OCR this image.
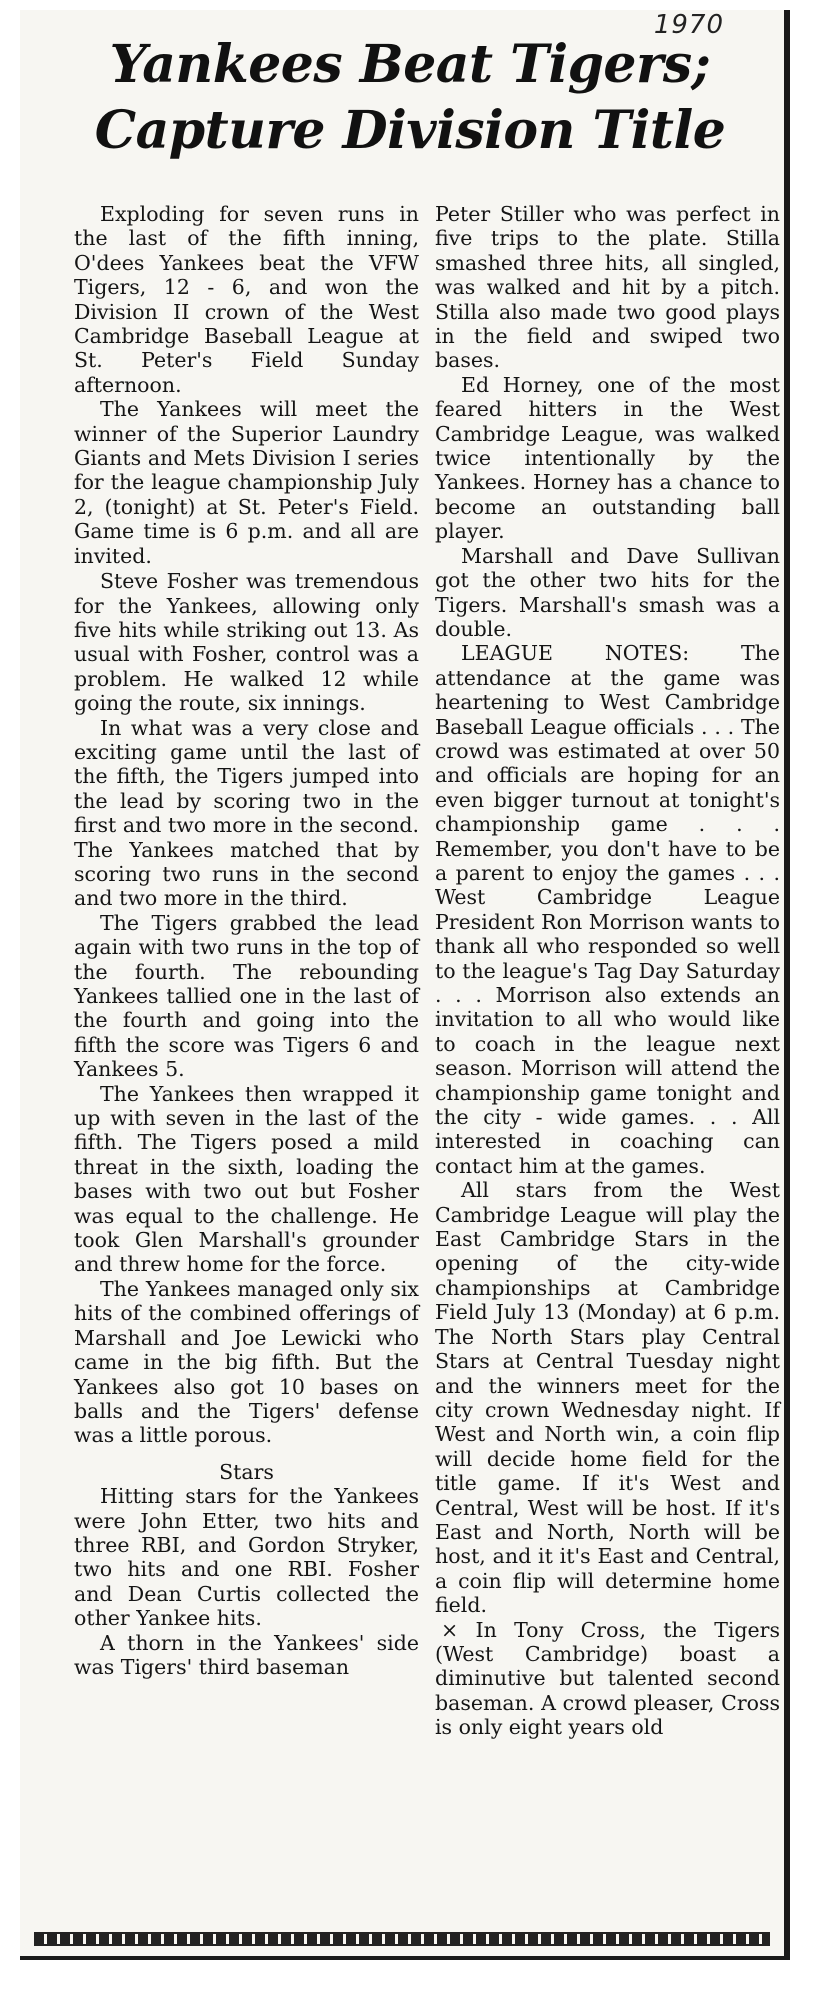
1970
Yankees Beat Tigers;
Capture Division Title

Exploding for seven runs in the last of the fifth inning, O'dees Yankees beat the VFW Tigers, 12 - 6, and won the Division II crown of the West Cambridge Baseball League at St. Peter's Field Sunday afternoon.

The Yankees will meet the winner of the Superior Laundry Giants and Mets Division I series for the league championship July 2, (tonight) at St. Peter's Field. Game time is 6 p.m. and all are invited.

Steve Fosher was tremendous for the Yankees, allowing only five hits while striking out 13. As usual with Fosher, control was a problem. He walked 12 while going the route, six innings.

In what was a very close and exciting game until the last of the fifth, the Tigers jumped into the lead by scoring two in the first and two more in the second. The Yankees matched that by scoring two runs in the second and two more in the third.

The Tigers grabbed the lead again with two runs in the top of the fourth. The rebounding Yankees tallied one in the last of the fourth and going into the fifth the score was Tigers 6 and Yankees 5.

The Yankees then wrapped it up with seven in the last of the fifth. The Tigers posed a mild threat in the sixth, loading the bases with two out but Fosher was equal to the challenge. He took Glen Marshall's grounder and threw home for the force.

The Yankees managed only six hits of the combined offerings of Marshall and Joe Lewicki who came in the big fifth. But the Yankees also got 10 bases on balls and the Tigers' defense was a little porous.

Stars

Hitting stars for the Yankees were John Etter, two hits and three RBI, and Gordon Stryker, two hits and one RBI. Fosher and Dean Curtis collected the other Yankee hits.

A thorn in the Yankees' side was Tigers' third baseman

Peter Stiller who was perfect in five trips to the plate. Stilla smashed three hits, all singled, was walked and hit by a pitch. Stilla also made two good plays in the field and swiped two bases.

Ed Horney, one of the most feared hitters in the West Cambridge League, was walked twice intentionally by the Yankees. Horney has a chance to become an outstanding ball player.

Marshall and Dave Sullivan got the other two hits for the Tigers. Marshall's smash was a double.

LEAGUE NOTES: The attendance at the game was heartening to West Cambridge Baseball League officials . . . The crowd was estimated at over 50 and officials are hoping for an even bigger turnout at tonight's championship game . . . Remember, you don't have to be a parent to enjoy the games . . . West Cambridge League President Ron Morrison wants to thank all who responded so well to the league's Tag Day Saturday . . . Morrison also extends an invitation to all who would like to coach in the league next season. Morrison will attend the championship game tonight and the city - wide games. . . All interested in coaching can contact him at the games.

All stars from the West Cambridge League will play the East Cambridge Stars in the opening of the city-wide championships at Cambridge Field July 13 (Monday) at 6 p.m. The North Stars play Central Stars at Central Tuesday night and the winners meet for the city crown Wednesday night. If West and North win, a coin flip will decide home field for the title game. If it's West and Central, West will be host. If it's East and North, North will be host, and it it's East and Central, a coin flip will determine home field.

× In Tony Cross, the Tigers (West Cambridge) boast a diminutive but talented second baseman. A crowd pleaser, Cross is only eight years old
